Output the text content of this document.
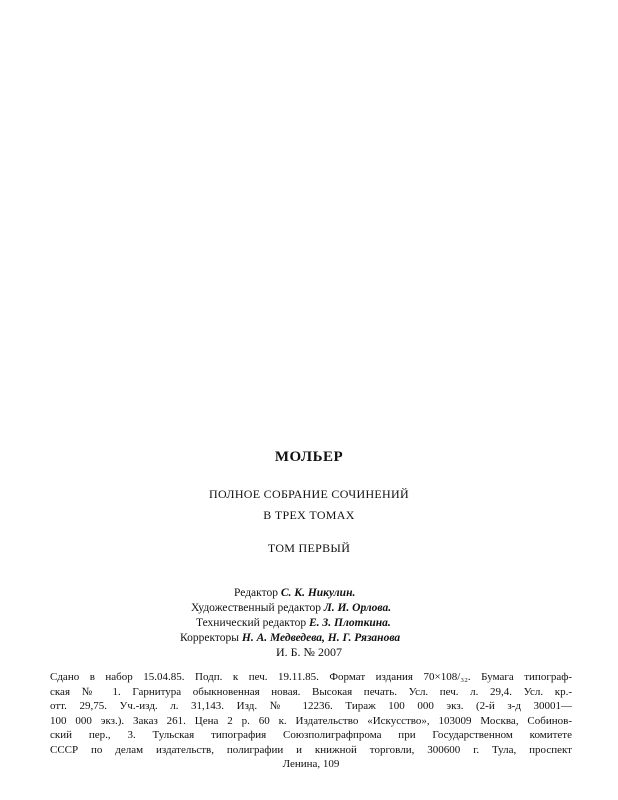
МОЛЬЕР
ПОЛНОЕ СОБРАНИЕ СОЧИНЕНИЙ
В ТРЕХ ТОМАХ
ТОМ ПЕРВЫЙ
Редактор С. К. Никулин.
Художественный редактор Л. И. Орлова.
Технический редактор Е. З. Плоткина.
Корректоры Н. А. Медведева, Н. Г. Рязанова
И. Б. № 2007
Сдано в набор 15.04.85. Подп. к печ. 19.11.85. Формат издания 70×108/₃₂. Бумагa типограф-
ская № 1. Гарнитура обыкновенная новая. Высокая печать. Усл. печ. л. 29,4. Усл. кр.-
отт. 29,75. Уч.-изд. л. 31,143. Изд. № 12236. Тираж 100 000 экз. (2-й з-д 30001—
100 000 экз.). Заказ 261. Цена 2 р. 60 к. Издательство «Искусство», 103009 Москва, Собинов-
ский пер., 3. Тульская типография Союзполиграфпрома при Государственном комитете
СССР по делам издательств, полиграфии и книжной торговли, 300600 г. Тула, проспект
Ленина, 109
